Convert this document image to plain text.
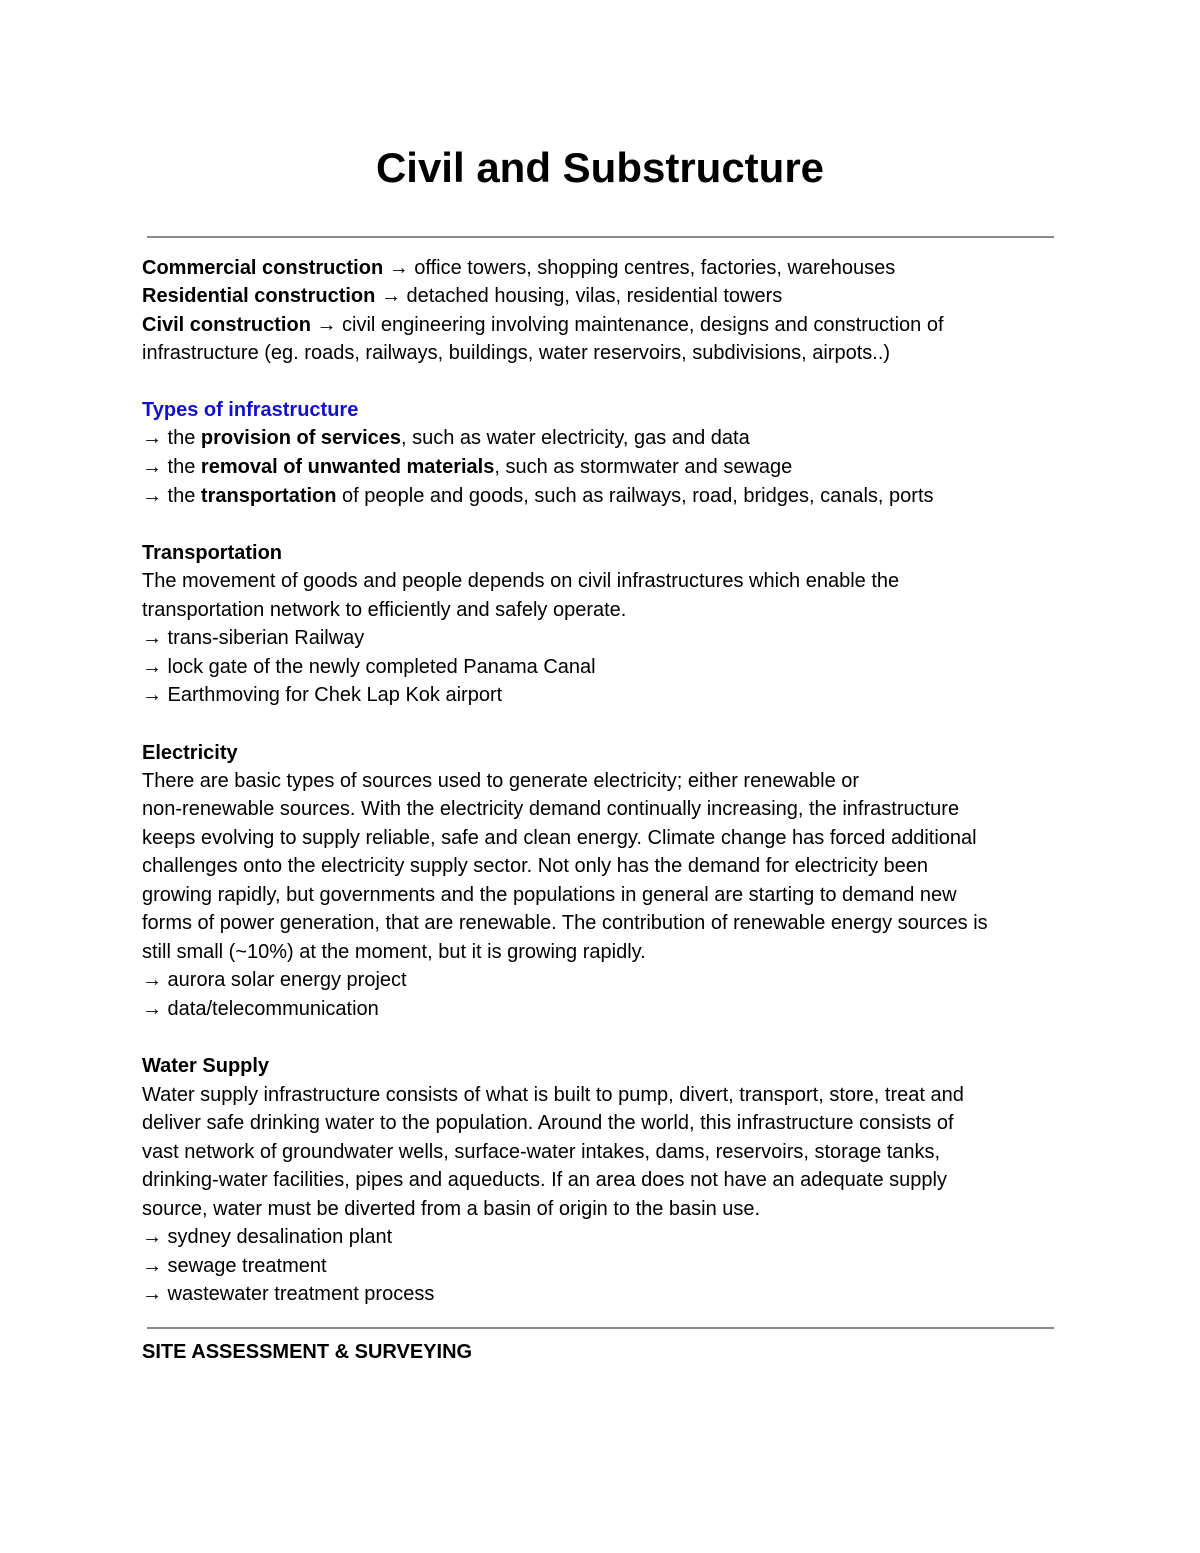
Civil and Substructure

Commercial construction → office towers, shopping centres, factories, warehouses

Residential construction → detached housing, vilas, residential towers

Civil construction → civil engineering involving maintenance, designs and construction of

infrastructure (eg. roads, railways, buildings, water reservoirs, subdivisions, airpots..)

Types of infrastructure

→ the provision of services, such as water electricity, gas and data

→ the removal of unwanted materials, such as stormwater and sewage

→ the transportation of people and goods, such as railways, road, bridges, canals, ports

Transportation

The movement of goods and people depends on civil infrastructures which enable the

transportation network to efficiently and safely operate.

→ trans-siberian Railway

→ lock gate of the newly completed Panama Canal

→ Earthmoving for Chek Lap Kok airport

Electricity

There are basic types of sources used to generate electricity; either renewable or

non-renewable sources. With the electricity demand continually increasing, the infrastructure

keeps evolving to supply reliable, safe and clean energy. Climate change has forced additional

challenges onto the electricity supply sector. Not only has the demand for electricity been

growing rapidly, but governments and the populations in general are starting to demand new

forms of power generation, that are renewable. The contribution of renewable energy sources is

still small (~10%) at the moment, but it is growing rapidly.

→ aurora solar energy project

→ data/telecommunication

Water Supply

Water supply infrastructure consists of what is built to pump, divert, transport, store, treat and

deliver safe drinking water to the population. Around the world, this infrastructure consists of

vast network of groundwater wells, surface-water intakes, dams, reservoirs, storage tanks,

drinking-water facilities, pipes and aqueducts. If an area does not have an adequate supply

source, water must be diverted from a basin of origin to the basin use.

→ sydney desalination plant

→ sewage treatment

→ wastewater treatment process

SITE ASSESSMENT & SURVEYING
